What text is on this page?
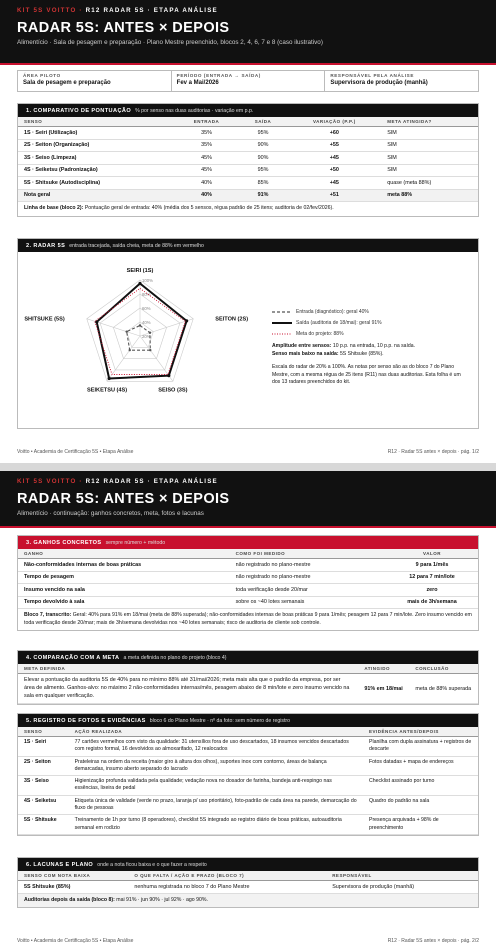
KIT 5S VOITTO · R12 RADAR 5S · ETAPA ANÁLISE
RADAR 5S: ANTES × DEPOIS
Alimentício · Sala de pesagem e preparação · Plano Mestre preenchido, blocos 2, 4, 6, 7 e 8 (caso ilustrativo)
ÁREA PILOTO
Sala de pesagem e preparação
PERÍODO (ENTRADA → SAÍDA)
Fev a Mai/2026
RESPONSÁVEL PELA ANÁLISE
Supervisora de produção (manhã)
1. COMPARATIVO DE PONTUAÇÃO % por senso nas duas auditorias · variação em p.p.
SENSO	ENTRADA	SAÍDA	VARIAÇÃO (P.P.)	META ATINGIDA?
1S · Seiri (Utilização)	35%	95%	+60	SIM
2S · Seiton (Organização)	35%	90%	+55	SIM
3S · Seiso (Limpeza)	45%	90%	+45	SIM
4S · Seiketsu (Padronização)	45%	95%	+50	SIM
5S · Shitsuke (Autodisciplina)	40%	85%	+45	quase (meta 88%)
Nota geral	40%	91%	+51	meta 88%
Linha de base (bloco 2): Pontuação geral de entrada: 40% (média dos 5 sensos, régua padrão de 25 itens; auditoria de 02/fev/2026).
2. RADAR 5S entrada tracejada, saída cheia, meta de 88% em vermelho
20%
40%
60%
80%
100%
SEIRI (1S)
SEITON (2S)
SEISO (3S)
SEIKETSU (4S)
SHITSUKE (5S)
Entrada (diagnóstico): geral 40%
Saída (auditoria de 18/mai): geral 91%
Meta do projeto: 88%
Amplitude entre sensos: 10 p.p. na entrada, 10 p.p. na saída.
Senso mais baixo na saída: 5S Shitsuke (85%).
Escala do radar de 20% a 100%. As notas por senso são as do bloco 7 do Plano Mestre, com a mesma régua de 25 itens (R11) nas duas auditorias. Esta folha é um dos 13 radares preenchidos do kit.
Voitto • Academia de Certificação 5S • Etapa Análise	R12 · Radar 5S antes × depois · pág. 1/2
KIT 5S VOITTO · R12 RADAR 5S · ETAPA ANÁLISE
RADAR 5S: ANTES × DEPOIS
Alimentício · continuação: ganhos concretos, meta, fotos e lacunas
3. GANHOS CONCRETOS sempre número + método
GANHO	COMO FOI MEDIDO	VALOR
Não-conformidades internas de boas práticas	não registrado no plano-mestre	9 para 1/mês
Tempo de pesagem	não registrado no plano-mestre	12 para 7 min/lote
Insumo vencido na sala	toda verificação desde 20/mar	zero
Tempo devolvido à sala	sobre os ~40 lotes semanais	mais de 3h/semana
Bloco 7, transcrito: Geral: 40% para 91% em 18/mai (meta de 88% superada); não-conformidades internas de boas práticas 9 para 1/mês; pesagem 12 para 7 min/lote. Zero insumo vencido em toda verificação desde 20/mar; mais de 3h/semana devolvidas nos ~40 lotes semanais; risco de auditoria de cliente sob controle.
4. COMPARAÇÃO COM A META a meta definida no plano do projeto (bloco 4)
META DEFINIDA	ATINGIDO	CONCLUSÃO
Elevar a pontuação da auditoria 5S de 40% para no mínimo 88% até 31/mai/2026; meta mais alta que o padrão da empresa, por ser área de alimento. Ganhos-alvo: no máximo 2 não-conformidades internas/mês, pesagem abaixo de 8 min/lote e zero insumo vencido na sala em qualquer verificação.	91% em 18/mai	meta de 88% superada
5. REGISTRO DE FOTOS E EVIDÊNCIAS bloco 6 do Plano Mestre · nº da foto: sem número de registro
SENSO	AÇÃO REALIZADA	EVIDÊNCIA ANTES/DEPOIS
1S · Seiri	77 cartões vermelhos com visto da qualidade: 31 utensílios fora de uso descartados, 18 insumos vencidos descartados com registro formal, 16 devolvidos ao almoxarifado, 12 realocados	Planilha com dupla assinatura + registros de descarte
2S · Seiton	Prateleiras na ordem da receita (maior giro à altura dos olhos), suportes inox com contorno, áreas de balança demarcadas, insumo aberto separado do lacrado	Fotos datadas + mapa de endereços
3S · Seiso	Higienização profunda validada pela qualidade; vedação nova no dosador de farinha, bandeja anti-respingo nas essências, lixeira de pedal	Checklist assinado por turno
4S · Seiketsu	Etiqueta única de validade (verde no prazo, laranja p/ uso prioritário), foto-padrão de cada área na parede, demarcação do fluxo de pessoas	Quadro do padrão na sala
5S · Shitsuke	Treinamento de 1h por turno (8 operadores), checklist 5S integrado ao registro diário de boas práticas, autoauditoria semanal em rodízio	Presença arquivada + 98% de preenchimento
6. LACUNAS E PLANO onde a nota ficou baixa e o que fazer a respeito
SENSO COM NOTA BAIXA	O QUE FALTA / AÇÃO E PRAZO (BLOCO 7)	RESPONSÁVEL
5S Shitsuke (85%)	nenhuma registrada no bloco 7 do Plano Mestre	Supervisora de produção (manhã)
Auditorias depois da saída (bloco 8): mai 91% · jun 90% · jul 92% · ago 90%.
Voitto • Academia de Certificação 5S • Etapa Análise	R12 · Radar 5S antes × depois · pág. 2/2
